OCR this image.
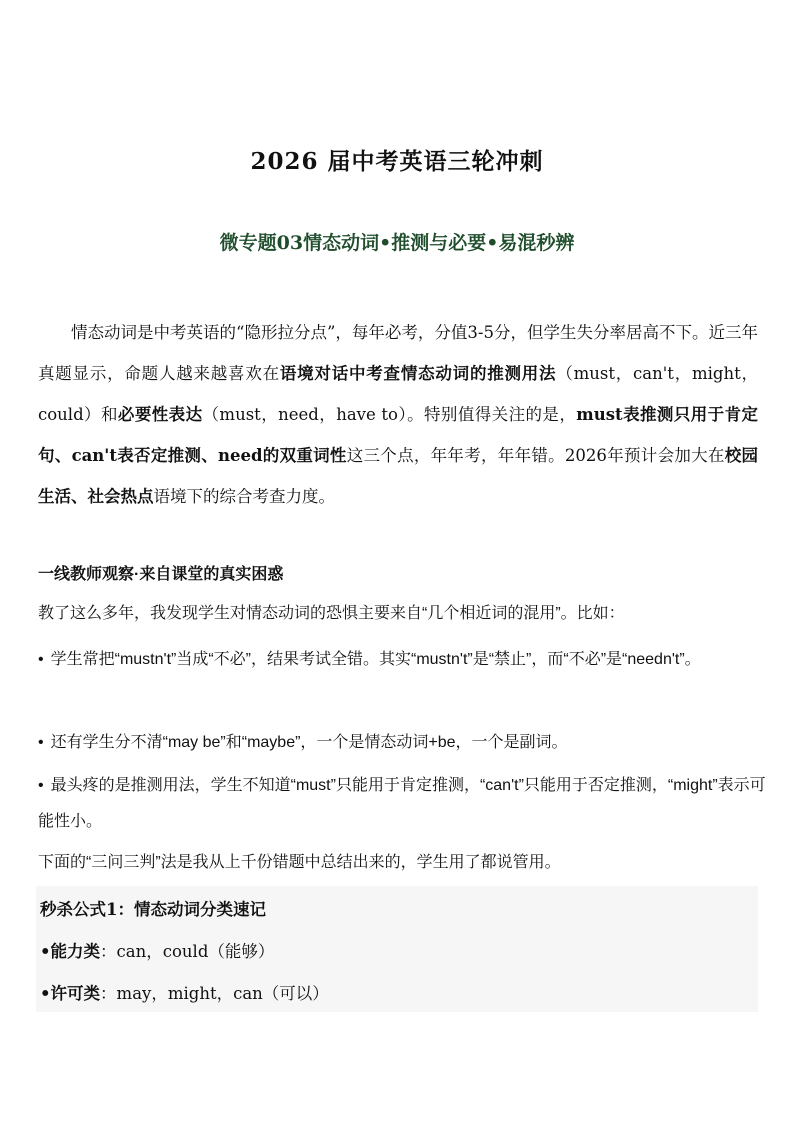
2026 届中考英语三轮冲刺
微专题03情态动词•推测与必要•易混秒辨

情态动词是中考英语的“隐形拉分点”，每年必考，分值3-5分，但学生失分率居高不下。近三年真题显示，命题人越来越喜欢在语境对话中考查情态动词的推测用法（must，can't，might，could）和必要性表达（must，need，have to）。特别值得关注的是，must表推测只用于肯定句、can't表否定推测、need的双重词性这三个点，年年考，年年错。2026年预计会加大在校园生活、社会热点语境下的综合考查力度。

一线教师观察·来自课堂的真实困惑

教了这么多年，我发现学生对情态动词的恐惧主要来自“几个相近词的混用”。比如：

• 学生常把“mustn't”当成“不必”，结果考试全错。其实“mustn't”是“禁止”，而“不必”是“needn't”。

• 还有学生分不清“may be”和“maybe”，一个是情态动词+be，一个是副词。

• 最头疼的是推测用法，学生不知道“must”只能用于肯定推测，“can't”只能用于否定推测，“might”表示可能性小。

下面的“三问三判”法是我从上千份错题中总结出来的，学生用了都说管用。

秒杀公式1：情态动词分类速记

•能力类：can，could（能够）

•许可类：may，might，can（可以）
